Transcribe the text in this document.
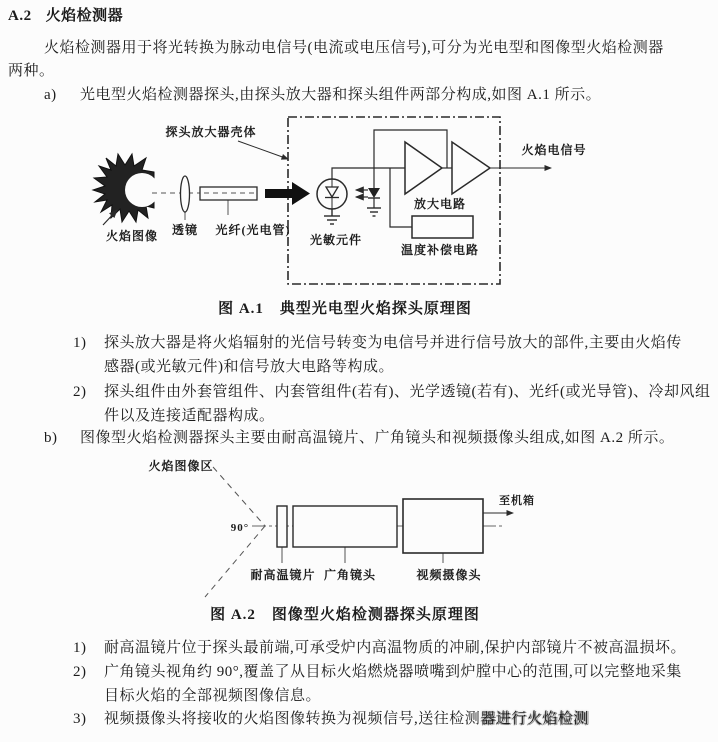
A.2 火焰检测器
火焰检测器用于将光转换为脉动电信号(电流或电压信号),可分为光电型和图像型火焰检测器
两种。
a) 光电型火焰检测器探头,由探头放大器和探头组件两部分构成,如图 A.1 所示。
探头放大器壳体
火焰图像 透镜 光纤(光电管)
光敏元件
放大电路
温度补偿电路
火焰电信号
图 A.1　典型光电型火焰探头原理图
1) 探头放大器是将火焰辐射的光信号转变为电信号并进行信号放大的部件,主要由火焰传
感器(或光敏元件)和信号放大电路等构成。
2) 探头组件由外套管组件、内套管组件(若有)、光学透镜(若有)、光纤(或光导管)、冷却风组
件以及连接适配器构成。
b) 图像型火焰检测器探头主要由耐高温镜片、广角镜头和视频摄像头组成,如图 A.2 所示。
火焰图像区
90°
至机箱
耐高温镜片 广角镜头	视频摄像头
图 A.2　图像型火焰检测器探头原理图
1) 耐高温镜片位于探头最前端,可承受炉内高温物质的冲刷,保护内部镜片不被高温损坏。
2) 广角镜头视角约 90°,覆盖了从目标火焰燃烧器喷嘴到炉膛中心的范围,可以完整地采集
目标火焰的全部视频图像信息。
3) 视频摄像头将接收的火焰图像转换为视频信号,送往检测器进行火焰检测
